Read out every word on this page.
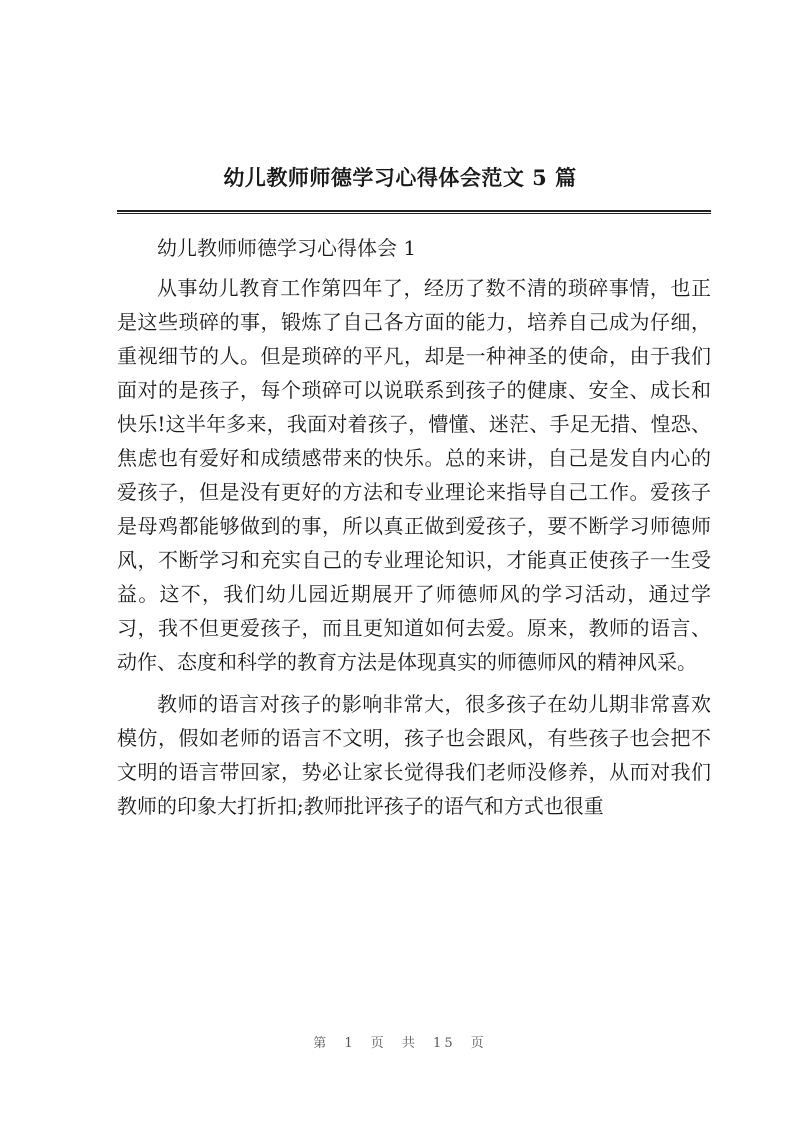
幼儿教师师德学习心得体会范文 5 篇

幼儿教师师德学习心得体会 1

从事幼儿教育工作第四年了，经历了数不清的琐碎事情，也正是这些琐碎的事，锻炼了自己各方面的能力，培养自己成为仔细，重视细节的人。但是琐碎的平凡，却是一种神圣的使命，由于我们面对的是孩子，每个琐碎可以说联系到孩子的健康、安全、成长和快乐!这半年多来，我面对着孩子，懵懂、迷茫、手足无措、惶恐、焦虑也有爱好和成绩感带来的快乐。总的来讲，自己是发自内心的爱孩子，但是没有更好的方法和专业理论来指导自己工作。爱孩子是母鸡都能够做到的事，所以真正做到爱孩子，要不断学习师德师风，不断学习和充实自己的专业理论知识，才能真正使孩子一生受益。这不，我们幼儿园近期展开了师德师风的学习活动，通过学习，我不但更爱孩子，而且更知道如何去爱。原来，教师的语言、动作、态度和科学的教育方法是体现真实的师德师风的精神风采。

教师的语言对孩子的影响非常大，很多孩子在幼儿期非常喜欢模仿，假如老师的语言不文明，孩子也会跟风，有些孩子也会把不文明的语言带回家，势必让家长觉得我们老师没修养，从而对我们教师的印象大打折扣;教师批评孩子的语气和方式也很重

第 1 页 共 15 页
